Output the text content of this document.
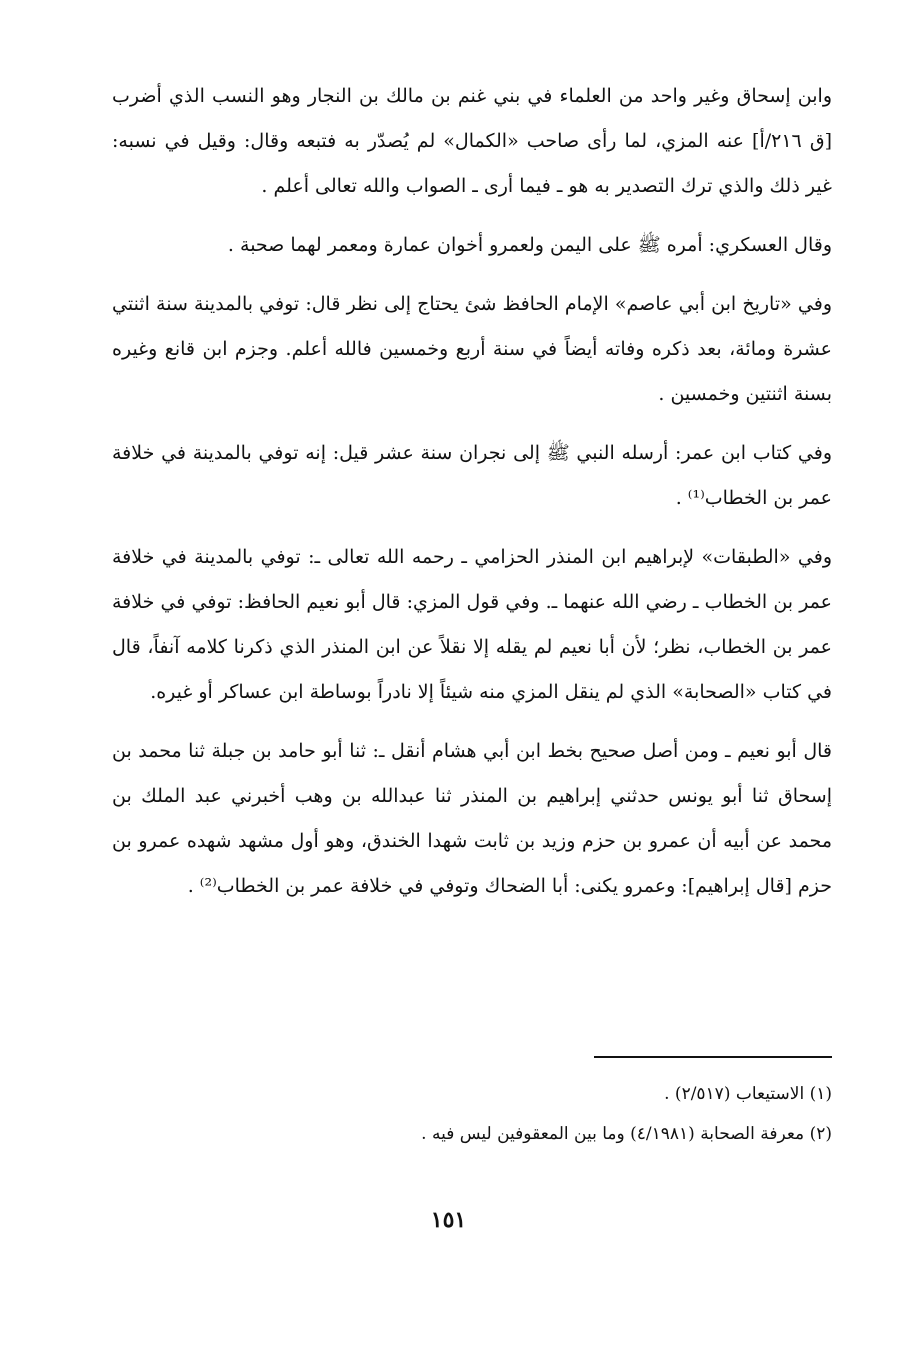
وابن إسحاق وغير واحد من العلماء في بني غنم بن مالك بن النجار وهو النسب الذي أضرب [ق ٢١٦/أ] عنه المزي، لما رأى صاحب «الكمال» لم يُصدّر به فتبعه وقال: وقيل في نسبه: غير ذلك والذي ترك التصدير به هو ـ فيما أرى ـ الصواب والله تعالى أعلم .

وقال العسكري: أمره ﷺ على اليمن ولعمرو أخوان عمارة ومعمر لهما صحبة .

وفي «تاريخ ابن أبي عاصم» الإمام الحافظ شئ يحتاج إلى نظر قال: توفي بالمدينة سنة اثنتي عشرة ومائة، بعد ذكره وفاته أيضاً في سنة أربع وخمسين فالله أعلم. وجزم ابن قانع وغيره بسنة اثنتين وخمسين .

وفي كتاب ابن عمر: أرسله النبي ﷺ إلى نجران سنة عشر قيل: إنه توفي بالمدينة في خلافة عمر بن الخطاب⁽¹⁾ .

وفي «الطبقات» لإبراهيم ابن المنذر الحزامي ـ رحمه الله تعالى ـ: توفي بالمدينة في خلافة عمر بن الخطاب ـ رضي الله عنهما ـ. وفي قول المزي: قال أبو نعيم الحافظ: توفي في خلافة عمر بن الخطاب، نظر؛ لأن أبا نعيم لم يقله إلا نقلاً عن ابن المنذر الذي ذكرنا كلامه آنفاً، قال في كتاب «الصحابة» الذي لم ينقل المزي منه شيئاً إلا نادراً بوساطة ابن عساكر أو غيره.

قال أبو نعيم ـ ومن أصل صحيح بخط ابن أبي هشام أنقل ـ: ثنا أبو حامد بن جبلة ثنا محمد بن إسحاق ثنا أبو يونس حدثني إبراهيم بن المنذر ثنا عبدالله بن وهب أخبرني عبد الملك بن محمد عن أبيه أن عمرو بن حزم وزيد بن ثابت شهدا الخندق، وهو أول مشهد شهده عمرو بن حزم [قال إبراهيم]: وعمرو يكنى: أبا الضحاك وتوفي في خلافة عمر بن الخطاب⁽²⁾ .

(١) الاستيعاب (٢/٥١٧) .

(٢) معرفة الصحابة (٤/١٩٨١) وما بين المعقوفين ليس فيه .

١٥١
